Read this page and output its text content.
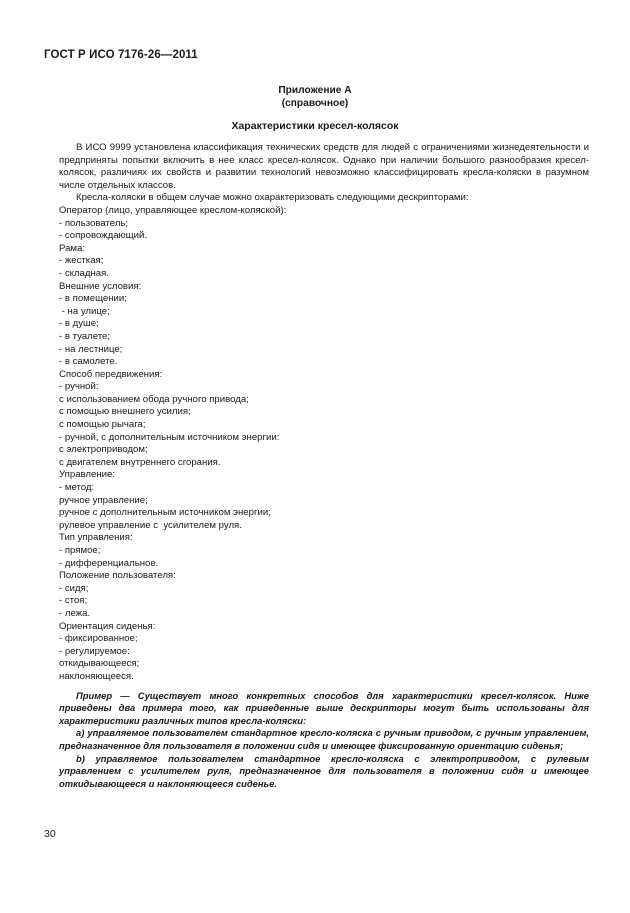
ГОСТ Р ИСО 7176-26—2011
Приложение А
(справочное)
Характеристики кресел-колясок

В ИСО 9999 установлена классификация технических средств для людей с ограничениями жизнедеятельности и предприняты попытки включить в нее класс кресел-колясок. Однако при наличии большого разнообразия кресел-колясок, различиях их свойств и развитии технологий невозможно классифицировать кресла-коляски в разумном числе отдельных классов.

Кресла-коляски в общем случае можно охарактеризовать следующими дескрипторами:

Оператор (лицо, управляющее креслом-коляской):

- пользователь;

- сопровождающий.

Рама:

- жесткая;

- складная.

Внешние условия:

- в помещении;

- на улице;

- в душе;

- в туалете;

- на лестнице;

- в самолете.

Способ передвижения:

- ручной:

с использованием обода ручного привода;

с помощью внешнего усилия;

с помощью рычага;

- ручной, с дополнительным источником энергии:

с электроприводом;

с двигателем внутреннего сгорания.

Управление:

- метод:

ручное управление;

ручное с дополнительным источником энергии;

рулевое управление с  усилителем руля.

Тип управления:

- прямое;

- дифференциальное.

Положение пользователя:

- сидя;

- стоя;

- лежа.

Ориентация сиденья:

- фиксированное;

- регулируемое:

откидывающееся;

наклоняющееся.

Пример — Существует много конкретных способов для характеристики кресел-колясок. Ниже приведены два примера того, как приведенные выше дескрипторы могут быть использованы для характеристики различных типов кресла-коляски:

a) управляемое пользователем стандартное кресло-коляска с ручным приводом, с ручным управлением, предназначенное для пользователя в положении сидя и имеющее фиксированную ориентацию сиденья;

b) управляемое пользователем стандартное кресло-коляска с электроприводом, с рулевым управлением с усилителем руля, предназначенное для пользователя в положении сидя и имеющее откидывающееся и наклоняющееся сиденье.

30
